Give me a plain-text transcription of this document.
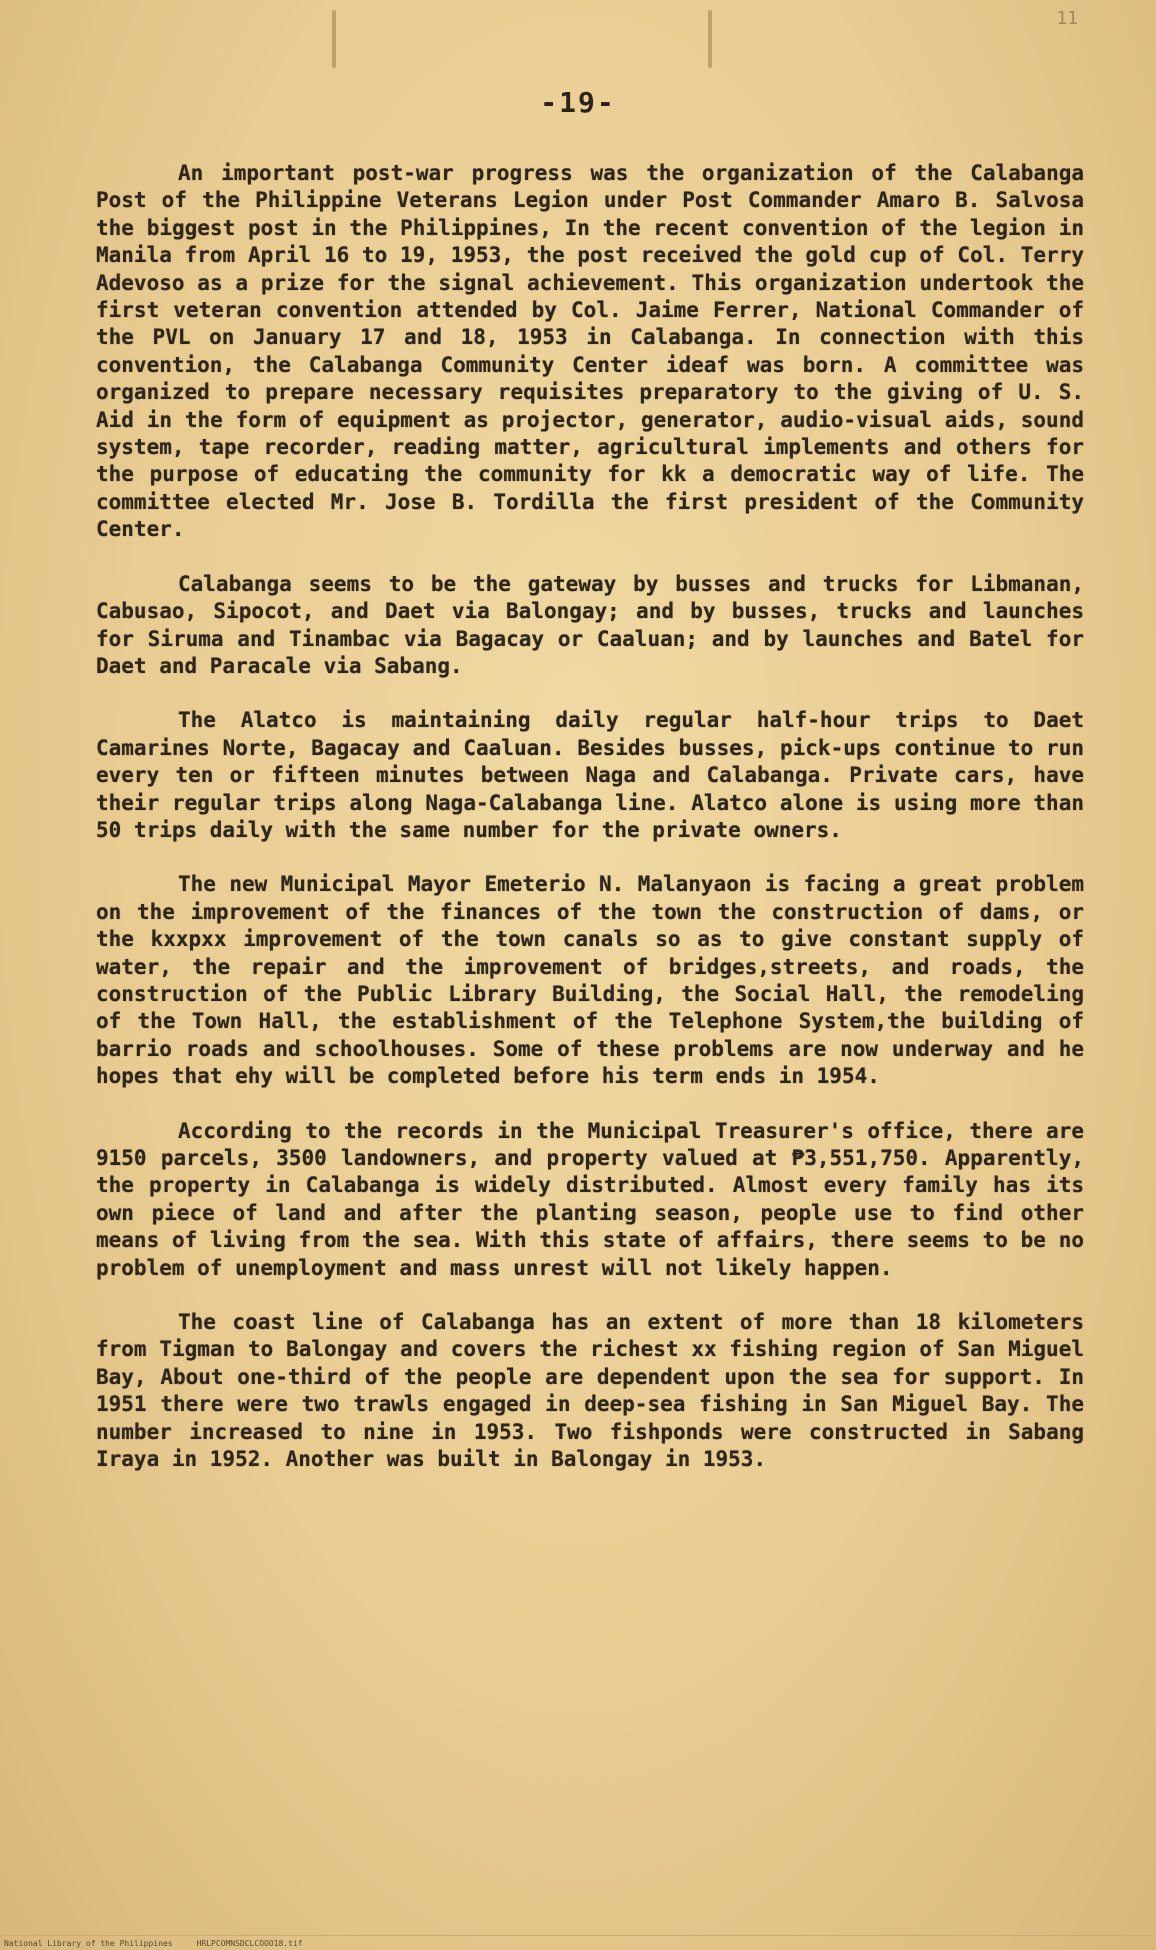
11
-19-

An important post-war progress was the organization of the Calabanga Post of the Philippine Veterans Legion under Post Commander Amaro B. Salvosa the biggest post in the Philippines, In the recent convention of the legion in Manila from April 16 to 19, 1953, the post received the gold cup of Col. Terry Adevoso as a prize for the signal achievement. This organization undertook the first veteran convention attended by Col. Jaime Ferrer, National Commander of the PVL on January 17 and 18, 1953 in Calabanga. In connection with this convention, the Calabanga Community Center ideaf was born. A committee was organized to prepare necessary requisites preparatory to the giving of U. S. Aid in the form of equipment as projector, generator, audio-visual aids, sound system, tape recorder, reading matter, agricultural implements and others for the purpose of educating the community for kk a democratic way of life. The committee elected Mr. Jose B. Tordilla the first president of the Community Center.

Calabanga seems to be the gateway by busses and trucks for Libmanan, Cabusao, Sipocot, and Daet via Balongay; and by busses, trucks and launches for Siruma and Tinambac via Bagacay or Caaluan; and by launches and Batel for Daet and Paracale via Sabang.

The Alatco is maintaining daily regular half-hour trips to Daet Camarines Norte, Bagacay and Caaluan. Besides busses, pick-ups continue to run every ten or fifteen minutes between Naga and Calabanga. Private cars, have their regular trips along Naga-Calabanga line. Alatco alone is using more than 50 trips daily with the same number for the private owners.

The new Municipal Mayor Emeterio N. Malanyaon is facing a great problem on the improvement of the finances of the town the construction of dams, or the kxxpxx improvement of the town canals so as to give constant supply of water, the repair and the improvement of bridges,streets, and roads, the construction of the Public Library Building, the Social Hall, the remodeling of the Town Hall, the establishment of the Telephone System,the building of barrio roads and schoolhouses. Some of these problems are now underway and he hopes that ehy will be completed before his term ends in 1954.

According to the records in the Municipal Treasurer's office, there are 9150 parcels, 3500 landowners, and property valued at ₱3,551,750. Apparently, the property in Calabanga is widely distributed. Almost every family has its own piece of land and after the planting season, people use to find other means of living from the sea. With this state of affairs, there seems to be no problem of unemployment and mass unrest will not likely happen.

The coast line of Calabanga has an extent of more than 18 kilometers from Tigman to Balongay and covers the richest xx fishing region of San Miguel Bay, About one-third of the people are dependent upon the sea for support. In 1951 there were two trawls engaged in deep-sea fishing in San Miguel Bay. The number increased to nine in 1953. Two fishponds were constructed in Sabang Iraya in 1952. Another was built in Balongay in 1953.

National Library of the Philippines	HRLPCOMNSDCLCOOO18.tif
